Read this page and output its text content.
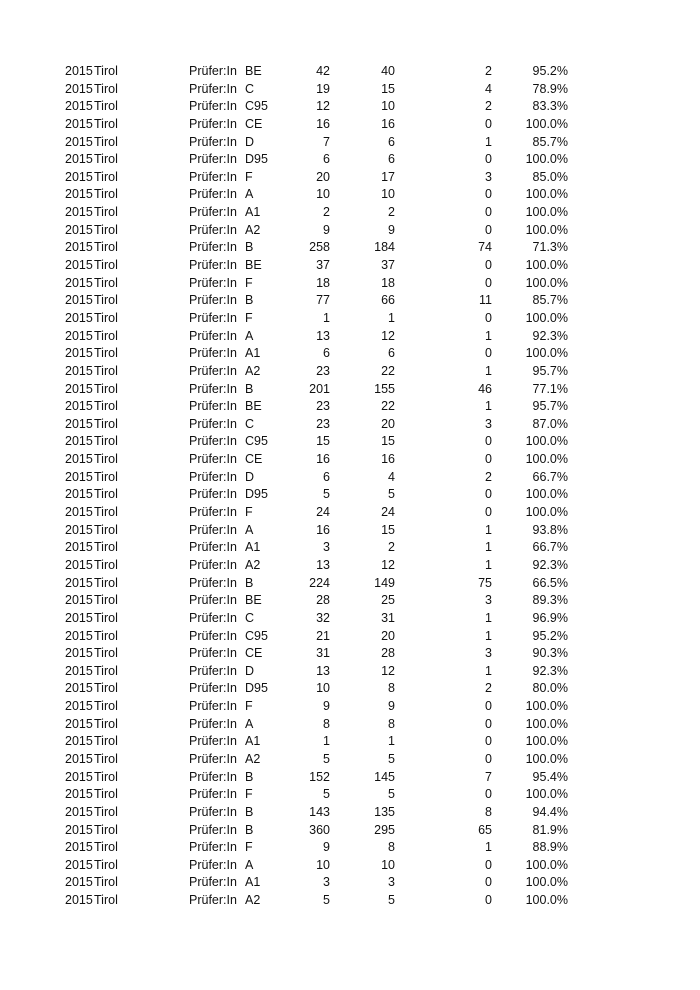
2015 Tirol	Prüfer:In BE	42	40	2	95.2%
2015 Tirol	Prüfer:In C	19	15	4	78.9%
2015 Tirol	Prüfer:In C95	12	10	2	83.3%
2015 Tirol	Prüfer:In CE	16	16	0	100.0%
2015 Tirol	Prüfer:In D	7	6	1	85.7%
2015 Tirol	Prüfer:In D95	6	6	0	100.0%
2015 Tirol	Prüfer:In F	20	17	3	85.0%
2015 Tirol	Prüfer:In A	10	10	0	100.0%
2015 Tirol	Prüfer:In A1	2	2	0	100.0%
2015 Tirol	Prüfer:In A2	9	9	0	100.0%
2015 Tirol	Prüfer:In B	258	184	74	71.3%
2015 Tirol	Prüfer:In BE	37	37	0	100.0%
2015 Tirol	Prüfer:In F	18	18	0	100.0%
2015 Tirol	Prüfer:In B	77	66	11	85.7%
2015 Tirol	Prüfer:In F	1	1	0	100.0%
2015 Tirol	Prüfer:In A	13	12	1	92.3%
2015 Tirol	Prüfer:In A1	6	6	0	100.0%
2015 Tirol	Prüfer:In A2	23	22	1	95.7%
2015 Tirol	Prüfer:In B	201	155	46	77.1%
2015 Tirol	Prüfer:In BE	23	22	1	95.7%
2015 Tirol	Prüfer:In C	23	20	3	87.0%
2015 Tirol	Prüfer:In C95	15	15	0	100.0%
2015 Tirol	Prüfer:In CE	16	16	0	100.0%
2015 Tirol	Prüfer:In D	6	4	2	66.7%
2015 Tirol	Prüfer:In D95	5	5	0	100.0%
2015 Tirol	Prüfer:In F	24	24	0	100.0%
2015 Tirol	Prüfer:In A	16	15	1	93.8%
2015 Tirol	Prüfer:In A1	3	2	1	66.7%
2015 Tirol	Prüfer:In A2	13	12	1	92.3%
2015 Tirol	Prüfer:In B	224	149	75	66.5%
2015 Tirol	Prüfer:In BE	28	25	3	89.3%
2015 Tirol	Prüfer:In C	32	31	1	96.9%
2015 Tirol	Prüfer:In C95	21	20	1	95.2%
2015 Tirol	Prüfer:In CE	31	28	3	90.3%
2015 Tirol	Prüfer:In D	13	12	1	92.3%
2015 Tirol	Prüfer:In D95	10	8	2	80.0%
2015 Tirol	Prüfer:In F	9	9	0	100.0%
2015 Tirol	Prüfer:In A	8	8	0	100.0%
2015 Tirol	Prüfer:In A1	1	1	0	100.0%
2015 Tirol	Prüfer:In A2	5	5	0	100.0%
2015 Tirol	Prüfer:In B	152	145	7	95.4%
2015 Tirol	Prüfer:In F	5	5	0	100.0%
2015 Tirol	Prüfer:In B	143	135	8	94.4%
2015 Tirol	Prüfer:In B	360	295	65	81.9%
2015 Tirol	Prüfer:In F	9	8	1	88.9%
2015 Tirol	Prüfer:In A	10	10	0	100.0%
2015 Tirol	Prüfer:In A1	3	3	0	100.0%
2015 Tirol	Prüfer:In A2	5	5	0	100.0%
